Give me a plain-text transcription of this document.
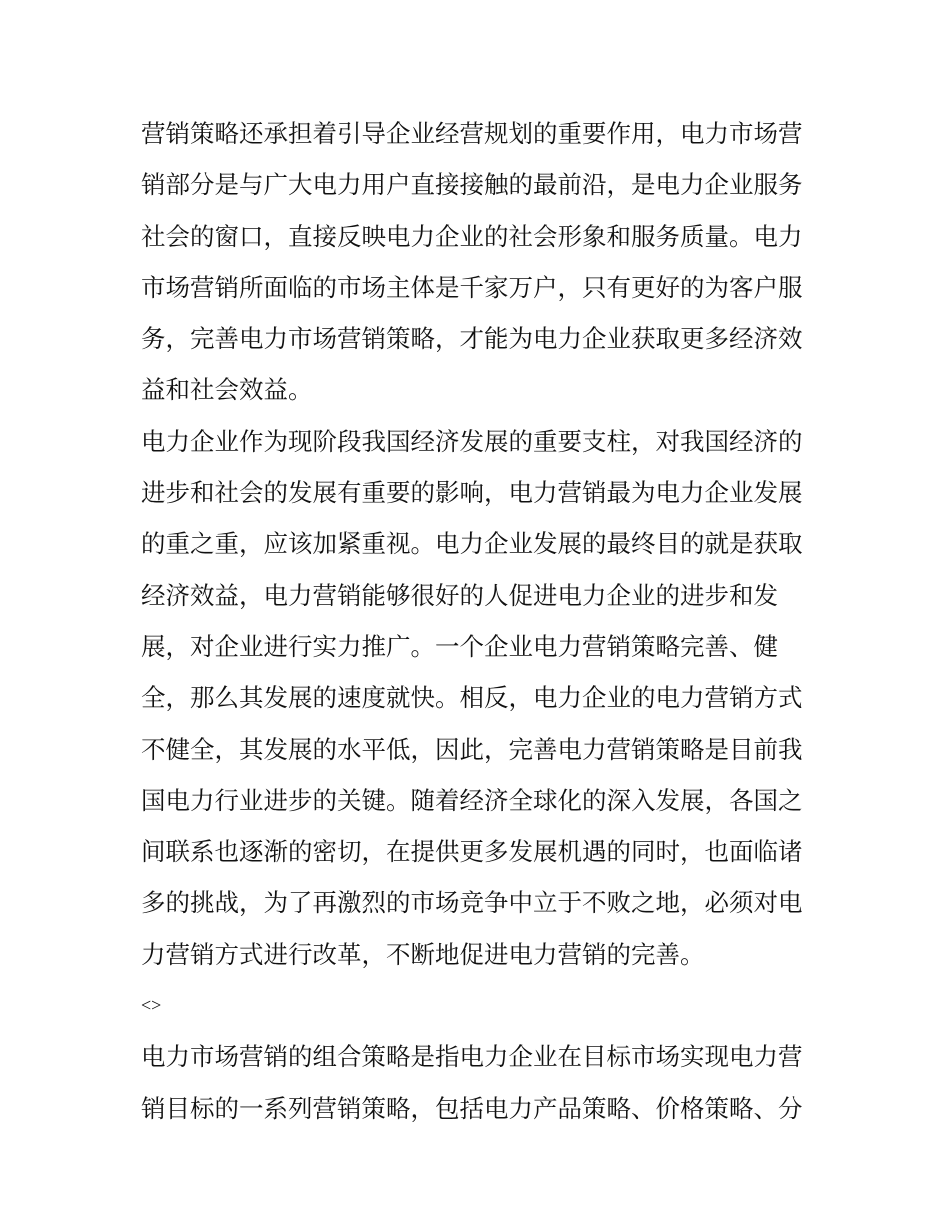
营销策略还承担着引导企业经营规划的重要作用，电力市场营
销部分是与广大电力用户直接接触的最前沿，是电力企业服务
社会的窗口，直接反映电力企业的社会形象和服务质量。电力
市场营销所面临的市场主体是千家万户，只有更好的为客户服
务，完善电力市场营销策略，才能为电力企业获取更多经济效
益和社会效益。
电力企业作为现阶段我国经济发展的重要支柱，对我国经济的
进步和社会的发展有重要的影响，电力营销最为电力企业发展
的重之重，应该加紧重视。电力企业发展的最终目的就是获取
经济效益，电力营销能够很好的人促进电力企业的进步和发
展，对企业进行实力推广。一个企业电力营销策略完善、健
全，那么其发展的速度就快。相反，电力企业的电力营销方式
不健全，其发展的水平低，因此，完善电力营销策略是目前我
国电力行业进步的关键。随着经济全球化的深入发展，各国之
间联系也逐渐的密切，在提供更多发展机遇的同时，也面临诸
多的挑战，为了再激烈的市场竞争中立于不败之地，必须对电
力营销方式进行改革，不断地促进电力营销的完善。
<>
电力市场营销的组合策略是指电力企业在目标市场实现电力营
销目标的一系列营销策略，包括电力产品策略、价格策略、分
